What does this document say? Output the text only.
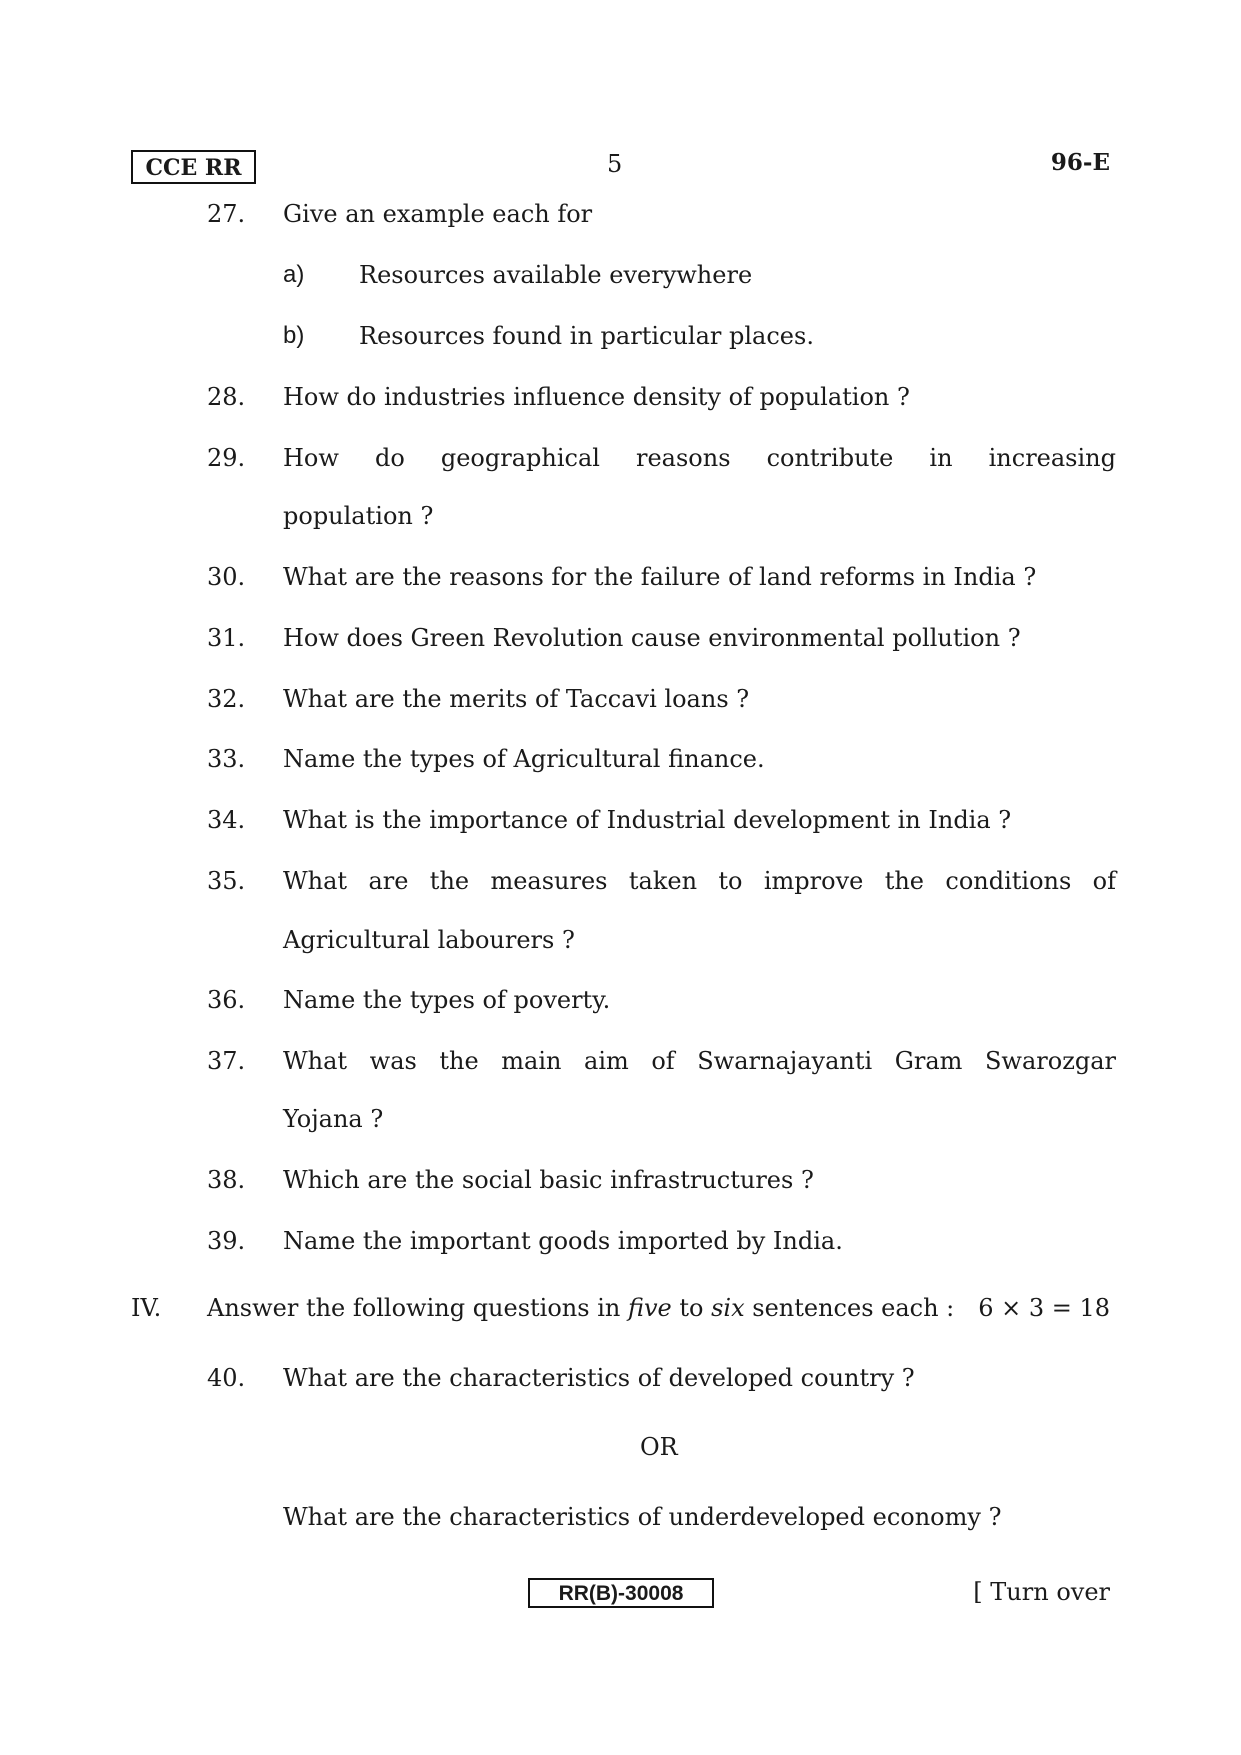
CCE RR	5	96-E
27. Give an example each for
a) Resources available everywhere
b) Resources found in particular places.
28. How do industries influence density of population ?
29. How do geographical reasons contribute in increasing
population ?
30. What are the reasons for the failure of land reforms in India ?
31. How does Green Revolution cause environmental pollution ?
32. What are the merits of Taccavi loans ?
33. Name the types of Agricultural finance.
34. What is the importance of Industrial development in India ?
35. What are the measures taken to improve the conditions of
Agricultural labourers ?
36. Name the types of poverty.
37. What was the main aim of Swarnajayanti Gram Swarozgar
Yojana ?
38. Which are the social basic infrastructures ?
39. Name the important goods imported by India.
IV. Answer the following questions in five to six sentences each : 6 × 3 = 18
40. What are the characteristics of developed country ?
OR
What are the characteristics of underdeveloped economy ?
RR(B)-30008	[ Turn over
